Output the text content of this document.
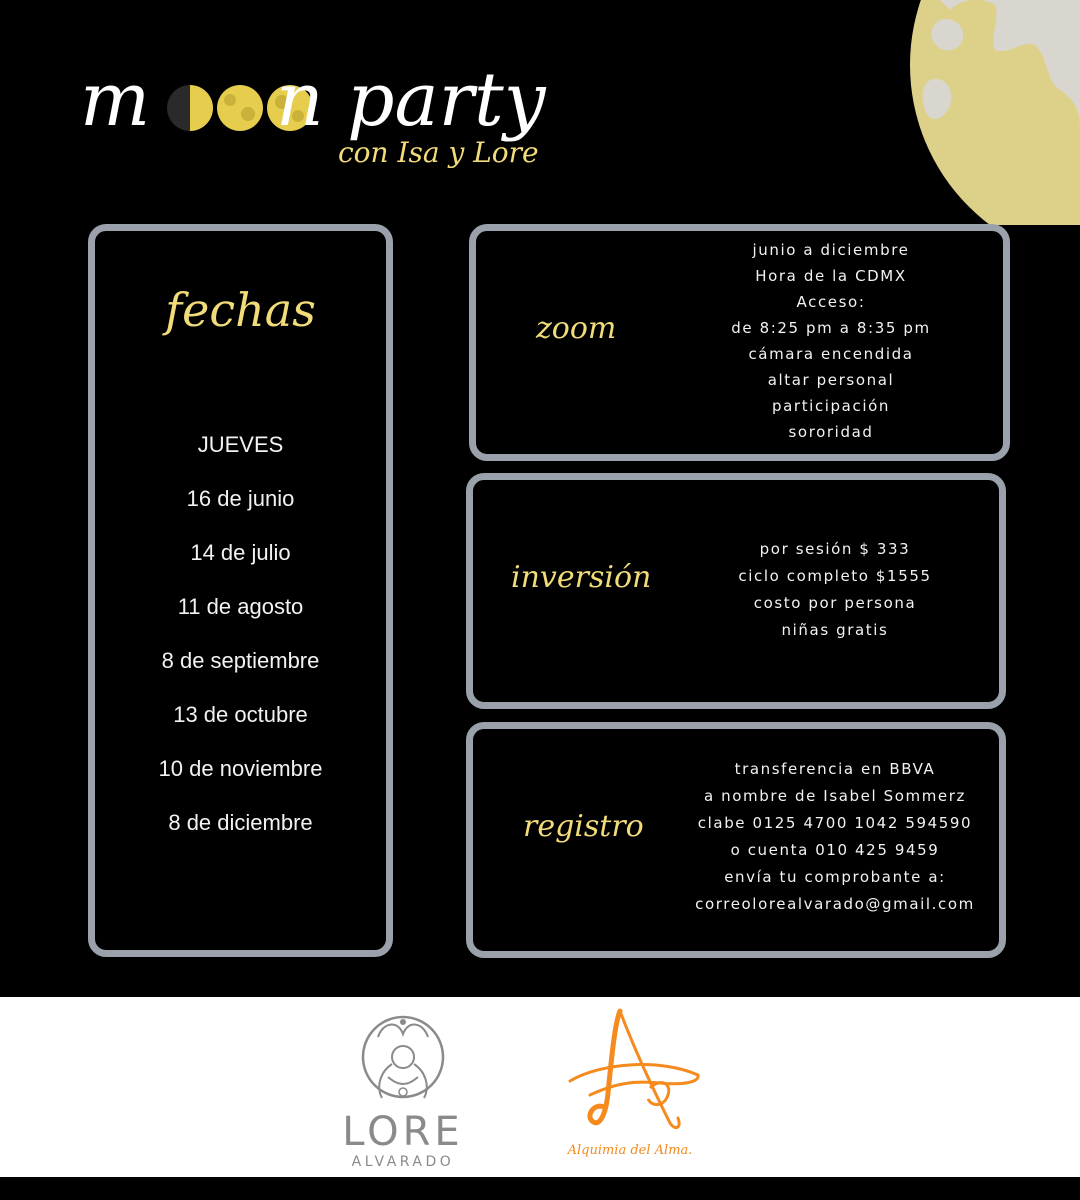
m n party
con Isa y Lore
fechas
JUEVES
16 de junio
14 de julio
11 de agosto
8 de septiembre
13 de octubre
10 de noviembre
8 de diciembre
zoom
junio a diciembre
Hora de la CDMX
Acceso:
de 8:25 pm a 8:35 pm
cámara encendida
altar personal
participación
sororidad
inversión
por sesión $ 333
ciclo completo $1555
costo por persona
niñas gratis
registro
transferencia en BBVA
a nombre de Isabel Sommerz
clabe 0125 4700 1042 594590
o cuenta 010 425 9459
envía tu comprobante a:
correolorealvarado@gmail.com
LORE
ALVARADO
Alquimia del Alma.
